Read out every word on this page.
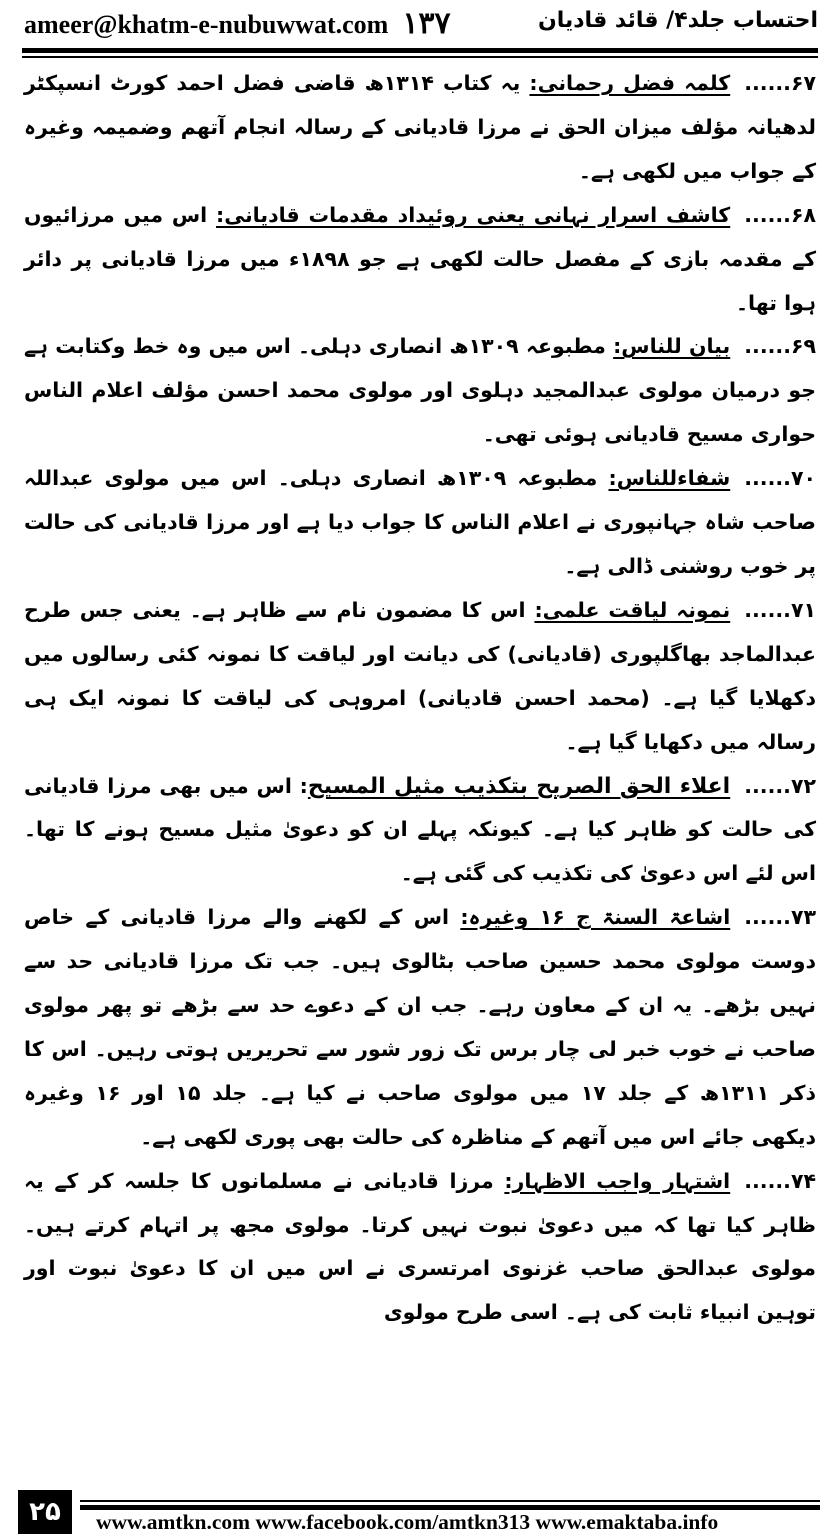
ameer@khatm-e-nubuwwat.com ۱۳۷	احتساب جلد۴/ قائد قادیان
۶۷......کلمہ فضل رحمانی: یہ کتاب ۱۳۱۴ھ قاضی فضل احمد کورٹ انسپکٹر لدھیانہ مؤلف میزان الحق نے مرزا قادیانی کے رسالہ انجام آتھم وضمیمہ وغیرہ کے جواب میں لکھی ہے۔
۶۸......کاشف اسرار نہانی یعنی روئیداد مقدمات قادیانی: اس میں مرزائیوں کے مقدمہ بازی کے مفصل حالت لکھی ہے جو ۱۸۹۸ء میں مرزا قادیانی پر دائر ہوا تھا۔
۶۹......بیان للناس: مطبوعہ ۱۳۰۹ھ انصاری دہلی۔ اس میں وہ خط وکتابت ہے جو درمیان مولوی عبدالمجید دہلوی اور مولوی محمد احسن مؤلف اعلام الناس حواری مسیح قادیانی ہوئی تھی۔
۷۰......شفاءللناس: مطبوعہ ۱۳۰۹ھ انصاری دہلی۔ اس میں مولوی عبداللہ صاحب شاہ جہانپوری نے اعلام الناس کا جواب دیا ہے اور مرزا قادیانی کی حالت پر خوب روشنی ڈالی ہے۔
۷۱......نمونہ لیاقت علمی: اس کا مضمون نام سے ظاہر ہے۔ یعنی جس طرح عبدالماجد بھاگلپوری (قادیانی) کی دیانت اور لیاقت کا نمونہ کئی رسالوں میں دکھلایا گیا ہے۔ (محمد احسن قادیانی) امروہی کی لیاقت کا نمونہ ایک ہی رسالہ میں دکھایا گیا ہے۔
۷۲......اعلاء الحق الصریح بتکذیب مثیل المسیح: اس میں بھی مرزا قادیانی کی حالت کو ظاہر کیا ہے۔ کیونکہ پہلے ان کو دعویٰ مثیل مسیح ہونے کا تھا۔ اس لئے اس دعویٰ کی تکذیب کی گئی ہے۔
۷۳......اشاعۃ السنۃ ج ۱۶ وغیرہ: اس کے لکھنے والے مرزا قادیانی کے خاص دوست مولوی محمد حسین صاحب بٹالوی ہیں۔ جب تک مرزا قادیانی حد سے نہیں بڑھے۔ یہ ان کے معاون رہے۔ جب ان کے دعوے حد سے بڑھے تو پھر مولوی صاحب نے خوب خبر لی چار برس تک زور شور سے تحریریں ہوتی رہیں۔ اس کا ذکر ۱۳۱۱ھ کے جلد ۱۷ میں مولوی صاحب نے کیا ہے۔ جلد ۱۵ اور ۱۶ وغیرہ دیکھی جائے اس میں آتھم کے مناظرہ کی حالت بھی پوری لکھی ہے۔
۷۴......اشتہار واجب الاظہار: مرزا قادیانی نے مسلمانوں کا جلسہ کر کے یہ ظاہر کیا تھا کہ میں دعویٰ نبوت نہیں کرتا۔ مولوی مجھ پر اتہام کرتے ہیں۔ مولوی عبدالحق صاحب غزنوی امرتسری نے اس میں ان کا دعویٰ نبوت اور توہین انبیاء ثابت کی ہے۔ اسی طرح مولوی
۲۵	www.amtkn.com www.facebook.com/amtkn313 www.emaktaba.info
